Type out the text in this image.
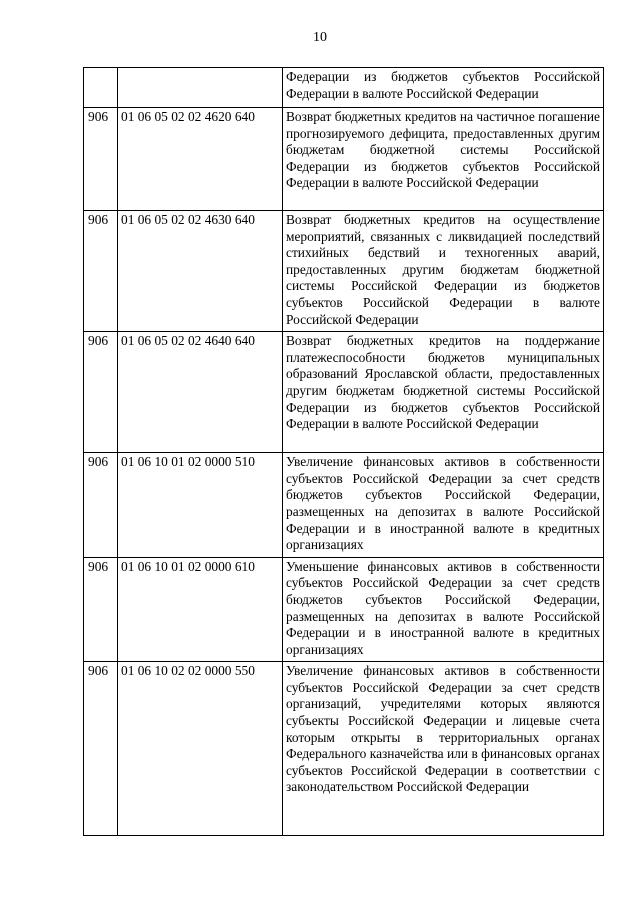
10
		Федерации из бюджетов субъектов Российской Федерации в валюте Российской Федерации
906	01 06 05 02 02 4620 640	Возврат бюджетных кредитов на частичное погашение прогнозируемого дефицита, предоставленных другим бюджетам бюджетной системы Российской Федерации из бюджетов субъектов Российской Федерации в валюте Российской Федерации
906	01 06 05 02 02 4630 640	Возврат бюджетных кредитов на осуществление мероприятий, связанных с ликвидацией последствий стихийных бедствий и техногенных аварий, предоставленных другим бюджетам бюджетной системы Российской Федерации из бюджетов субъектов Российской Федерации в валюте Российской Федерации
906	01 06 05 02 02 4640 640	Возврат бюджетных кредитов на поддержание платежеспособности бюджетов муниципальных образований Ярославской области, предоставленных другим бюджетам бюджетной системы Российской Федерации из бюджетов субъектов Российской Федерации в валюте Российской Федерации
906	01 06 10 01 02 0000 510	Увеличение финансовых активов в собственности субъектов Российской Федерации за счет средств бюджетов субъектов Российской Федерации, размещенных на депозитах в валюте Российской Федерации и в иностранной валюте в кредитных организациях
906	01 06 10 01 02 0000 610	Уменьшение финансовых активов в собственности субъектов Российской Федерации за счет средств бюджетов субъектов Российской Федерации, размещенных на депозитах в валюте Российской Федерации и в иностранной валюте в кредитных организациях
906	01 06 10 02 02 0000 550	Увеличение финансовых активов в собственности субъектов Российской Федерации за счет средств организаций, учредителями которых являются субъекты Российской Федерации и лицевые счета которым открыты в территориальных органах Федерального казначейства или в финансовых органах субъектов Российской Федерации в соответствии с законодательством Российской Федерации
